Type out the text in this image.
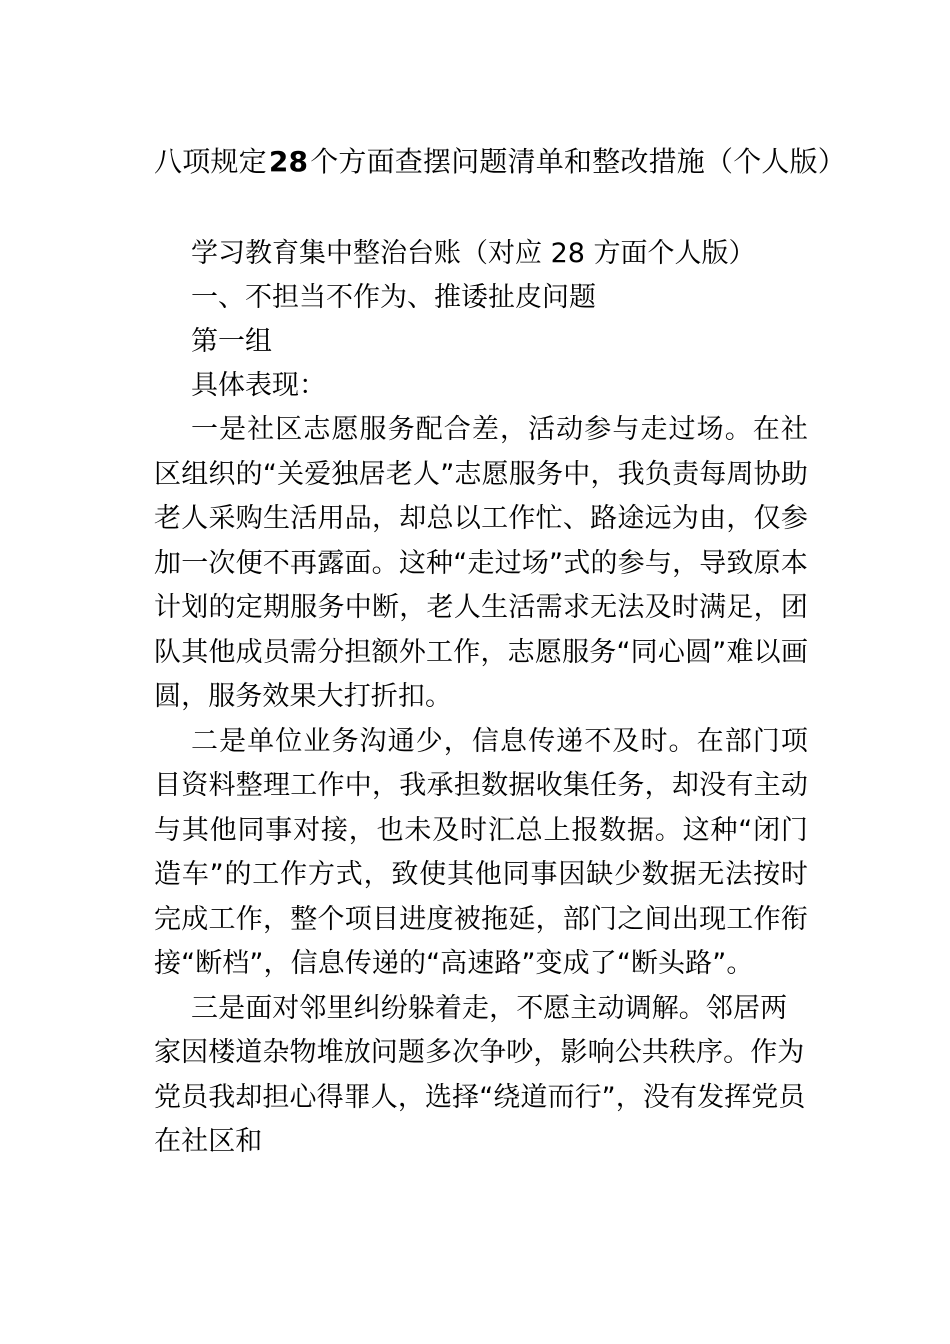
八项规定28个方面查摆问题清单和整改措施（个人版）

学习教育集中整治台账（对应 28 方面个人版）

一、不担当不作为、推诿扯皮问题

第一组

具体表现：

一是社区志愿服务配合差，活动参与走过场。在社区组织的“关爱独居老人”志愿服务中，我负责每周协助老人采购生活用品，却总以工作忙、路途远为由，仅参加一次便不再露面。这种“走过场”式的参与，导致原本计划的定期服务中断，老人生活需求无法及时满足，团队其他成员需分担额外工作，志愿服务“同心圆”难以画圆，服务效果大打折扣。

二是单位业务沟通少，信息传递不及时。在部门项目资料整理工作中，我承担数据收集任务，却没有主动与其他同事对接，也未及时汇总上报数据。这种“闭门造车”的工作方式，致使其他同事因缺少数据无法按时完成工作，整个项目进度被拖延，部门之间出现工作衔接“断档”，信息传递的“高速路”变成了“断头路”。

三是面对邻里纠纷躲着走，不愿主动调解。邻居两家因楼道杂物堆放问题多次争吵，影响公共秩序。作为党员我却担心得罪人，选择“绕道而行”，没有发挥党员在社区和
